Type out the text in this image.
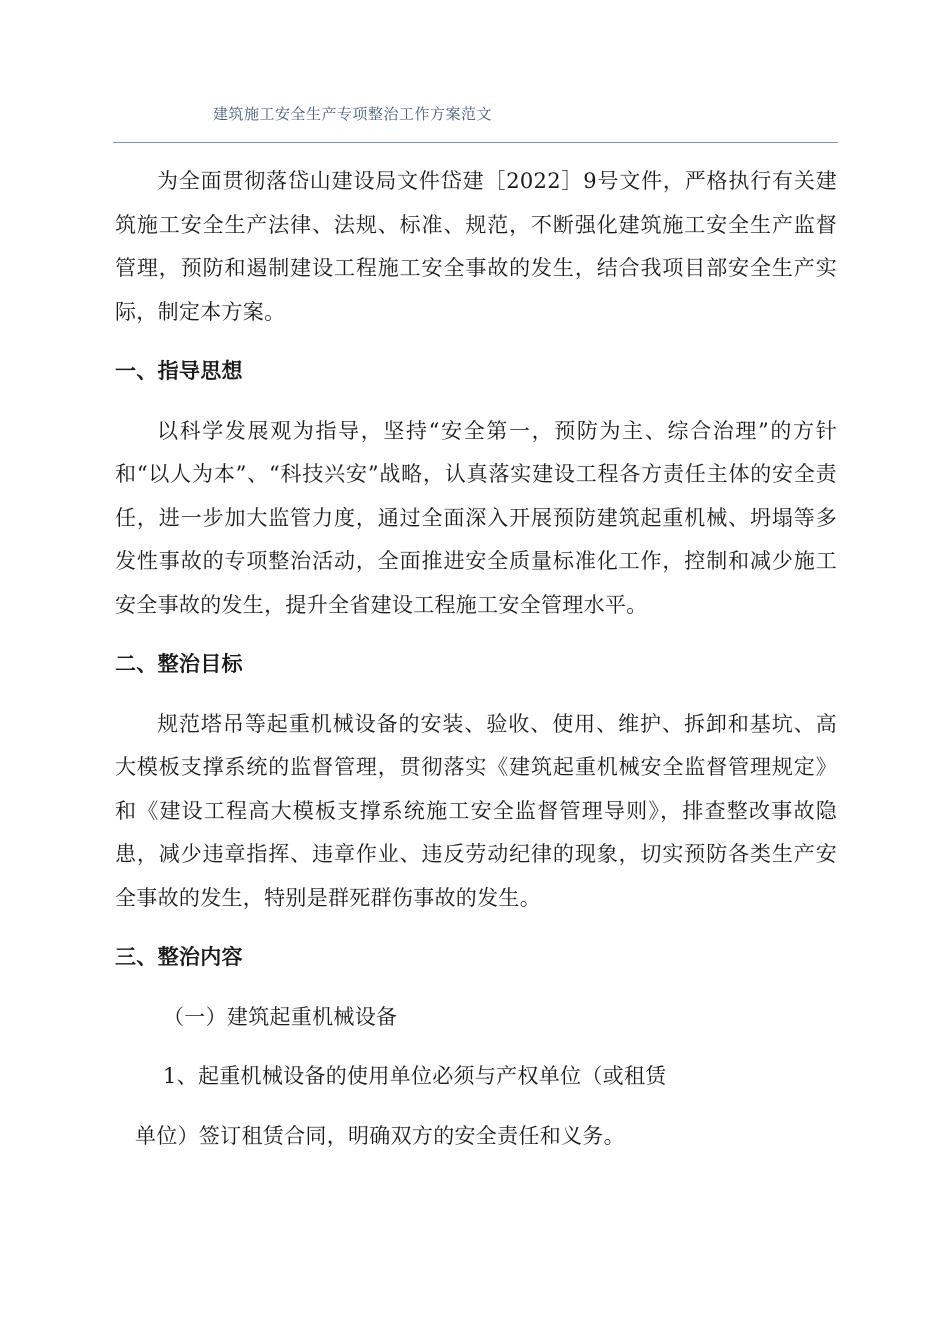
建筑施工安全生产专项整治工作方案范文

为全面贯彻落岱山建设局文件岱建［2022］9号文件，严格执行有关建筑施工安全生产法律、法规、标准、规范，不断强化建筑施工安全生产监督管理，预防和遏制建设工程施工安全事故的发生，结合我项目部安全生产实际，制定本方案。

一、指导思想

以科学发展观为指导，坚持“安全第一，预防为主、综合治理”的方针和“以人为本”、“科技兴安”战略，认真落实建设工程各方责任主体的安全责任，进一步加大监管力度，通过全面深入开展预防建筑起重机械、坍塌等多发性事故的专项整治活动，全面推进安全质量标准化工作，控制和减少施工安全事故的发生，提升全省建设工程施工安全管理水平。

二、整治目标

规范塔吊等起重机械设备的安装、验收、使用、维护、拆卸和基坑、高大模板支撑系统的监督管理，贯彻落实《建筑起重机械安全监督管理规定》和《建设工程高大模板支撑系统施工安全监督管理导则》，排查整改事故隐患，减少违章指挥、违章作业、违反劳动纪律的现象，切实预防各类生产安全事故的发生，特别是群死群伤事故的发生。

三、整治内容

（一）建筑起重机械设备

1、起重机械设备的使用单位必须与产权单位（或租赁

单位）签订租赁合同，明确双方的安全责任和义务。
